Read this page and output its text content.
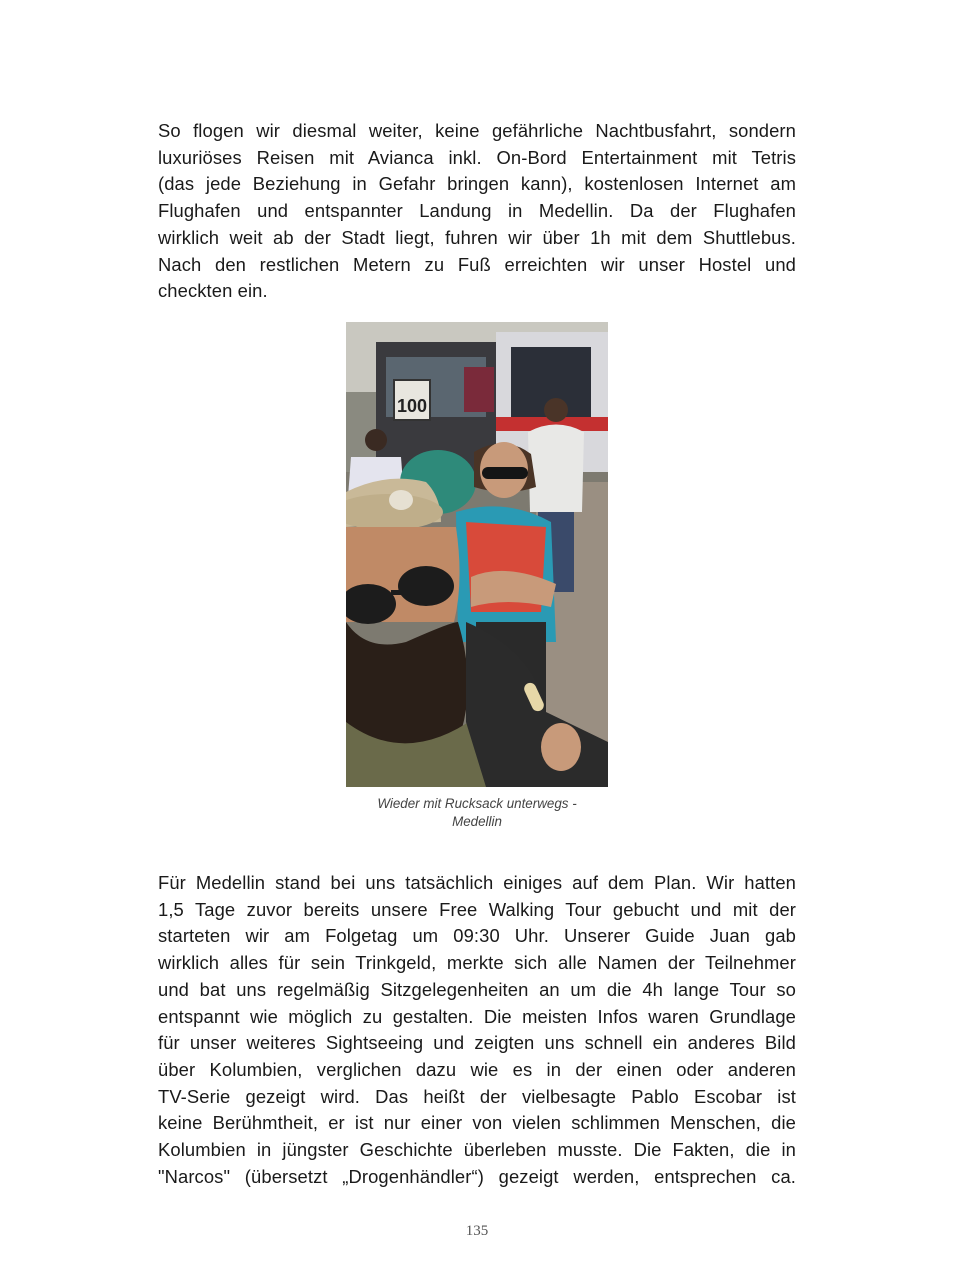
So flogen wir diesmal weiter, keine gefährliche Nachtbusfahrt, sondern
luxuriöses Reisen mit Avianca inkl. On-Bord Entertainment mit Tetris
(das jede Beziehung in Gefahr bringen kann), kostenlosen Internet am
Flughafen und entspannter Landung in Medellin. Da der Flughafen
wirklich weit ab der Stadt liegt, fuhren wir über 1h mit dem Shuttlebus.
Nach den restlichen Metern zu Fuß erreichten wir unser Hostel und
checkten ein.

100
Wieder mit Rucksack unterwegs -
Medellin

Für Medellin stand bei uns tatsächlich einiges auf dem Plan. Wir hatten
1,5 Tage zuvor bereits unsere Free Walking Tour gebucht und mit der
starteten wir am Folgetag um 09:30 Uhr. Unserer Guide Juan gab
wirklich alles für sein Trinkgeld, merkte sich alle Namen der Teilnehmer
und bat uns regelmäßig Sitzgelegenheiten an um die 4h lange Tour so
entspannt wie möglich zu gestalten. Die meisten Infos waren Grundlage
für unser weiteres Sightseeing und zeigten uns schnell ein anderes Bild
über Kolumbien, verglichen dazu wie es in der einen oder anderen
TV-Serie gezeigt wird. Das heißt der vielbesagte Pablo Escobar ist
keine Berühmtheit, er ist nur einer von vielen schlimmen Menschen, die
Kolumbien in jüngster Geschichte überleben musste. Die Fakten, die in
"Narcos" (übersetzt „Drogenhändler“) gezeigt werden, entsprechen ca.

135
